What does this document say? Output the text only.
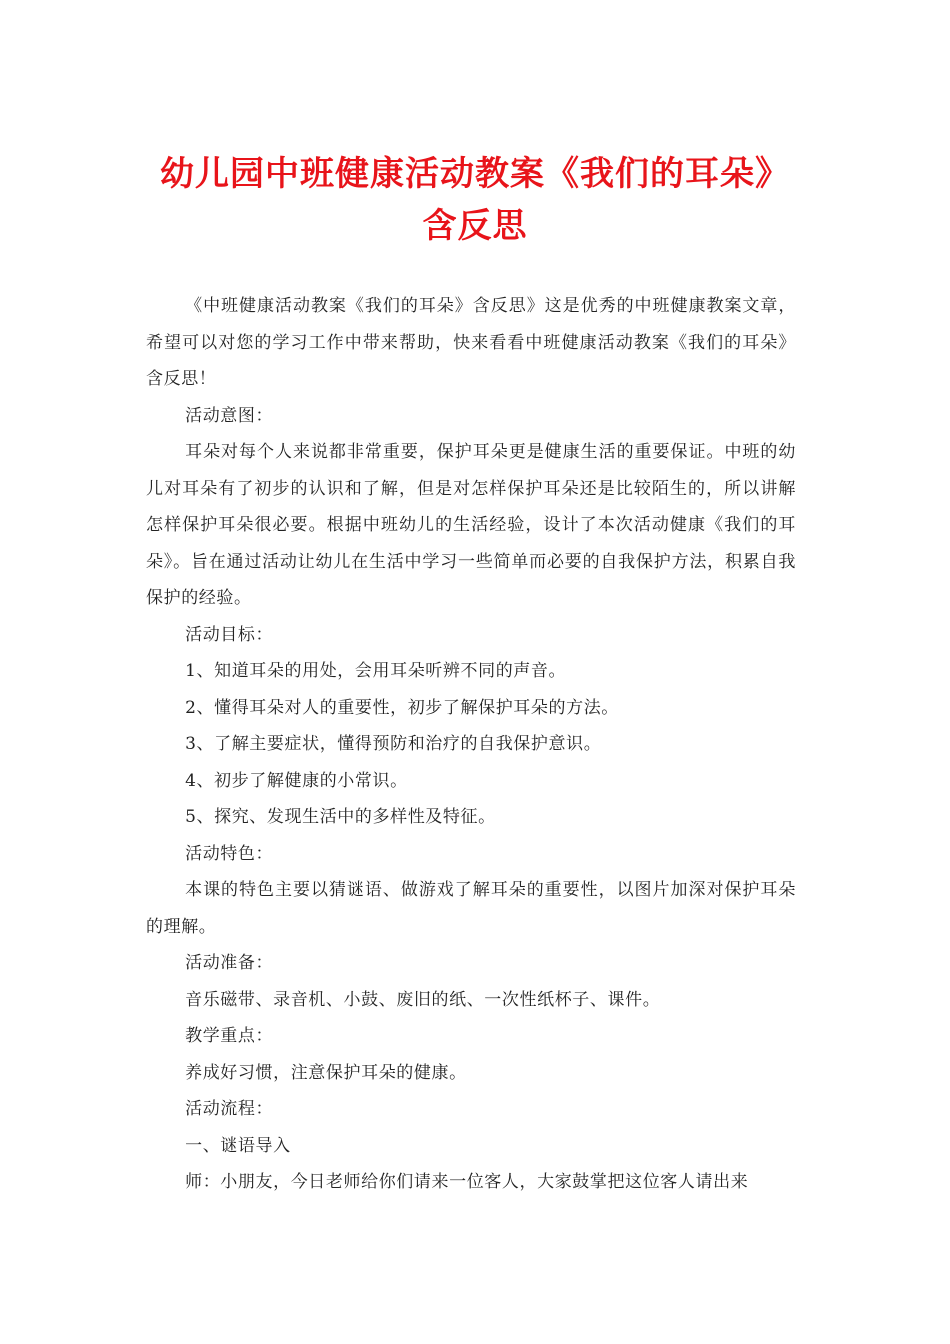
幼儿园中班健康活动教案《我们的耳朵》含反思

《中班健康活动教案《我们的耳朵》含反思》这是优秀的中班健康教案文章，希望可以对您的学习工作中带来帮助，快来看看中班健康活动教案《我们的耳朵》含反思！

活动意图：

耳朵对每个人来说都非常重要，保护耳朵更是健康生活的重要保证。中班的幼儿对耳朵有了初步的认识和了解，但是对怎样保护耳朵还是比较陌生的，所以讲解怎样保护耳朵很必要。根据中班幼儿的生活经验，设计了本次活动健康《我们的耳朵》。旨在通过活动让幼儿在生活中学习一些简单而必要的自我保护方法，积累自我保护的经验。

活动目标：

1、知道耳朵的用处，会用耳朵听辨不同的声音。

2、懂得耳朵对人的重要性，初步了解保护耳朵的方法。

3、了解主要症状，懂得预防和治疗的自我保护意识。

4、初步了解健康的小常识。

5、探究、发现生活中的多样性及特征。

活动特色：

本课的特色主要以猜谜语、做游戏了解耳朵的重要性，以图片加深对保护耳朵的理解。

活动准备：

音乐磁带、录音机、小鼓、废旧的纸、一次性纸杯子、课件。

教学重点：

养成好习惯，注意保护耳朵的健康。

活动流程：

一、谜语导入

师：小朋友，今日老师给你们请来一位客人，大家鼓掌把这位客人请出来
